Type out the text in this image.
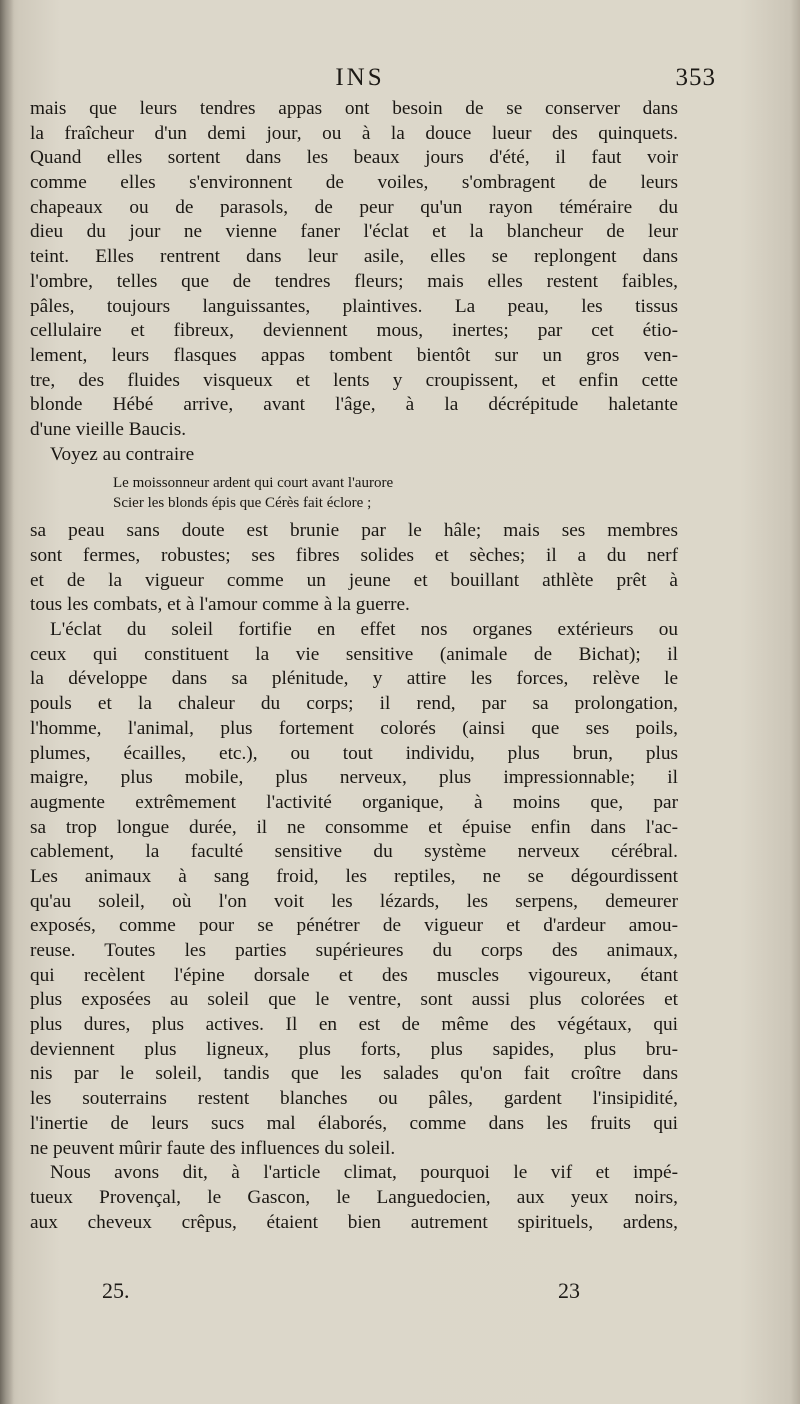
INS	353
mais que leurs tendres appas ont besoin de se conserver dans
la fraîcheur d'un demi jour, ou à la douce lueur des quinquets.
Quand elles sortent dans les beaux jours d'été, il faut voir
comme elles s'environnent de voiles, s'ombragent de leurs
chapeaux ou de parasols, de peur qu'un rayon téméraire du
dieu du jour ne vienne faner l'éclat et la blancheur de leur
teint. Elles rentrent dans leur asile, elles se replongent dans
l'ombre, telles que de tendres fleurs; mais elles restent faibles,
pâles, toujours languissantes, plaintives. La peau, les tissus
cellulaire et fibreux, deviennent mous, inertes; par cet étio-
lement, leurs flasques appas tombent bientôt sur un gros ven-
tre, des fluides visqueux et lents y croupissent, et enfin cette
blonde Hébé arrive, avant l'âge, à la décrépitude haletante
d'une vieille Baucis.
Voyez au contraire
Le moissonneur ardent qui court avant l'aurore
Scier les blonds épis que Cérès fait éclore ;
sa peau sans doute est brunie par le hâle; mais ses membres
sont fermes, robustes; ses fibres solides et sèches; il a du nerf
et de la vigueur comme un jeune et bouillant athlète prêt à
tous les combats, et à l'amour comme à la guerre.
L'éclat du soleil fortifie en effet nos organes extérieurs ou
ceux qui constituent la vie sensitive (animale de Bichat); il
la développe dans sa plénitude, y attire les forces, relève le
pouls et la chaleur du corps; il rend, par sa prolongation,
l'homme, l'animal, plus fortement colorés (ainsi que ses poils,
plumes, écailles, etc.), ou tout individu, plus brun, plus
maigre, plus mobile, plus nerveux, plus impressionnable; il
augmente extrêmement l'activité organique, à moins que, par
sa trop longue durée, il ne consomme et épuise enfin dans l'ac-
cablement, la faculté sensitive du système nerveux cérébral.
Les animaux à sang froid, les reptiles, ne se dégourdissent
qu'au soleil, où l'on voit les lézards, les serpens, demeurer
exposés, comme pour se pénétrer de vigueur et d'ardeur amou-
reuse. Toutes les parties supérieures du corps des animaux,
qui recèlent l'épine dorsale et des muscles vigoureux, étant
plus exposées au soleil que le ventre, sont aussi plus colorées et
plus dures, plus actives. Il en est de même des végétaux, qui
deviennent plus ligneux, plus forts, plus sapides, plus bru-
nis par le soleil, tandis que les salades qu'on fait croître dans
les souterrains restent blanches ou pâles, gardent l'insipidité,
l'inertie de leurs sucs mal élaborés, comme dans les fruits qui
ne peuvent mûrir faute des influences du soleil.
Nous avons dit, à l'article climat, pourquoi le vif et impé-
tueux Provençal, le Gascon, le Languedocien, aux yeux noirs,
aux cheveux crêpus, étaient bien autrement spirituels, ardens,
25.	23
